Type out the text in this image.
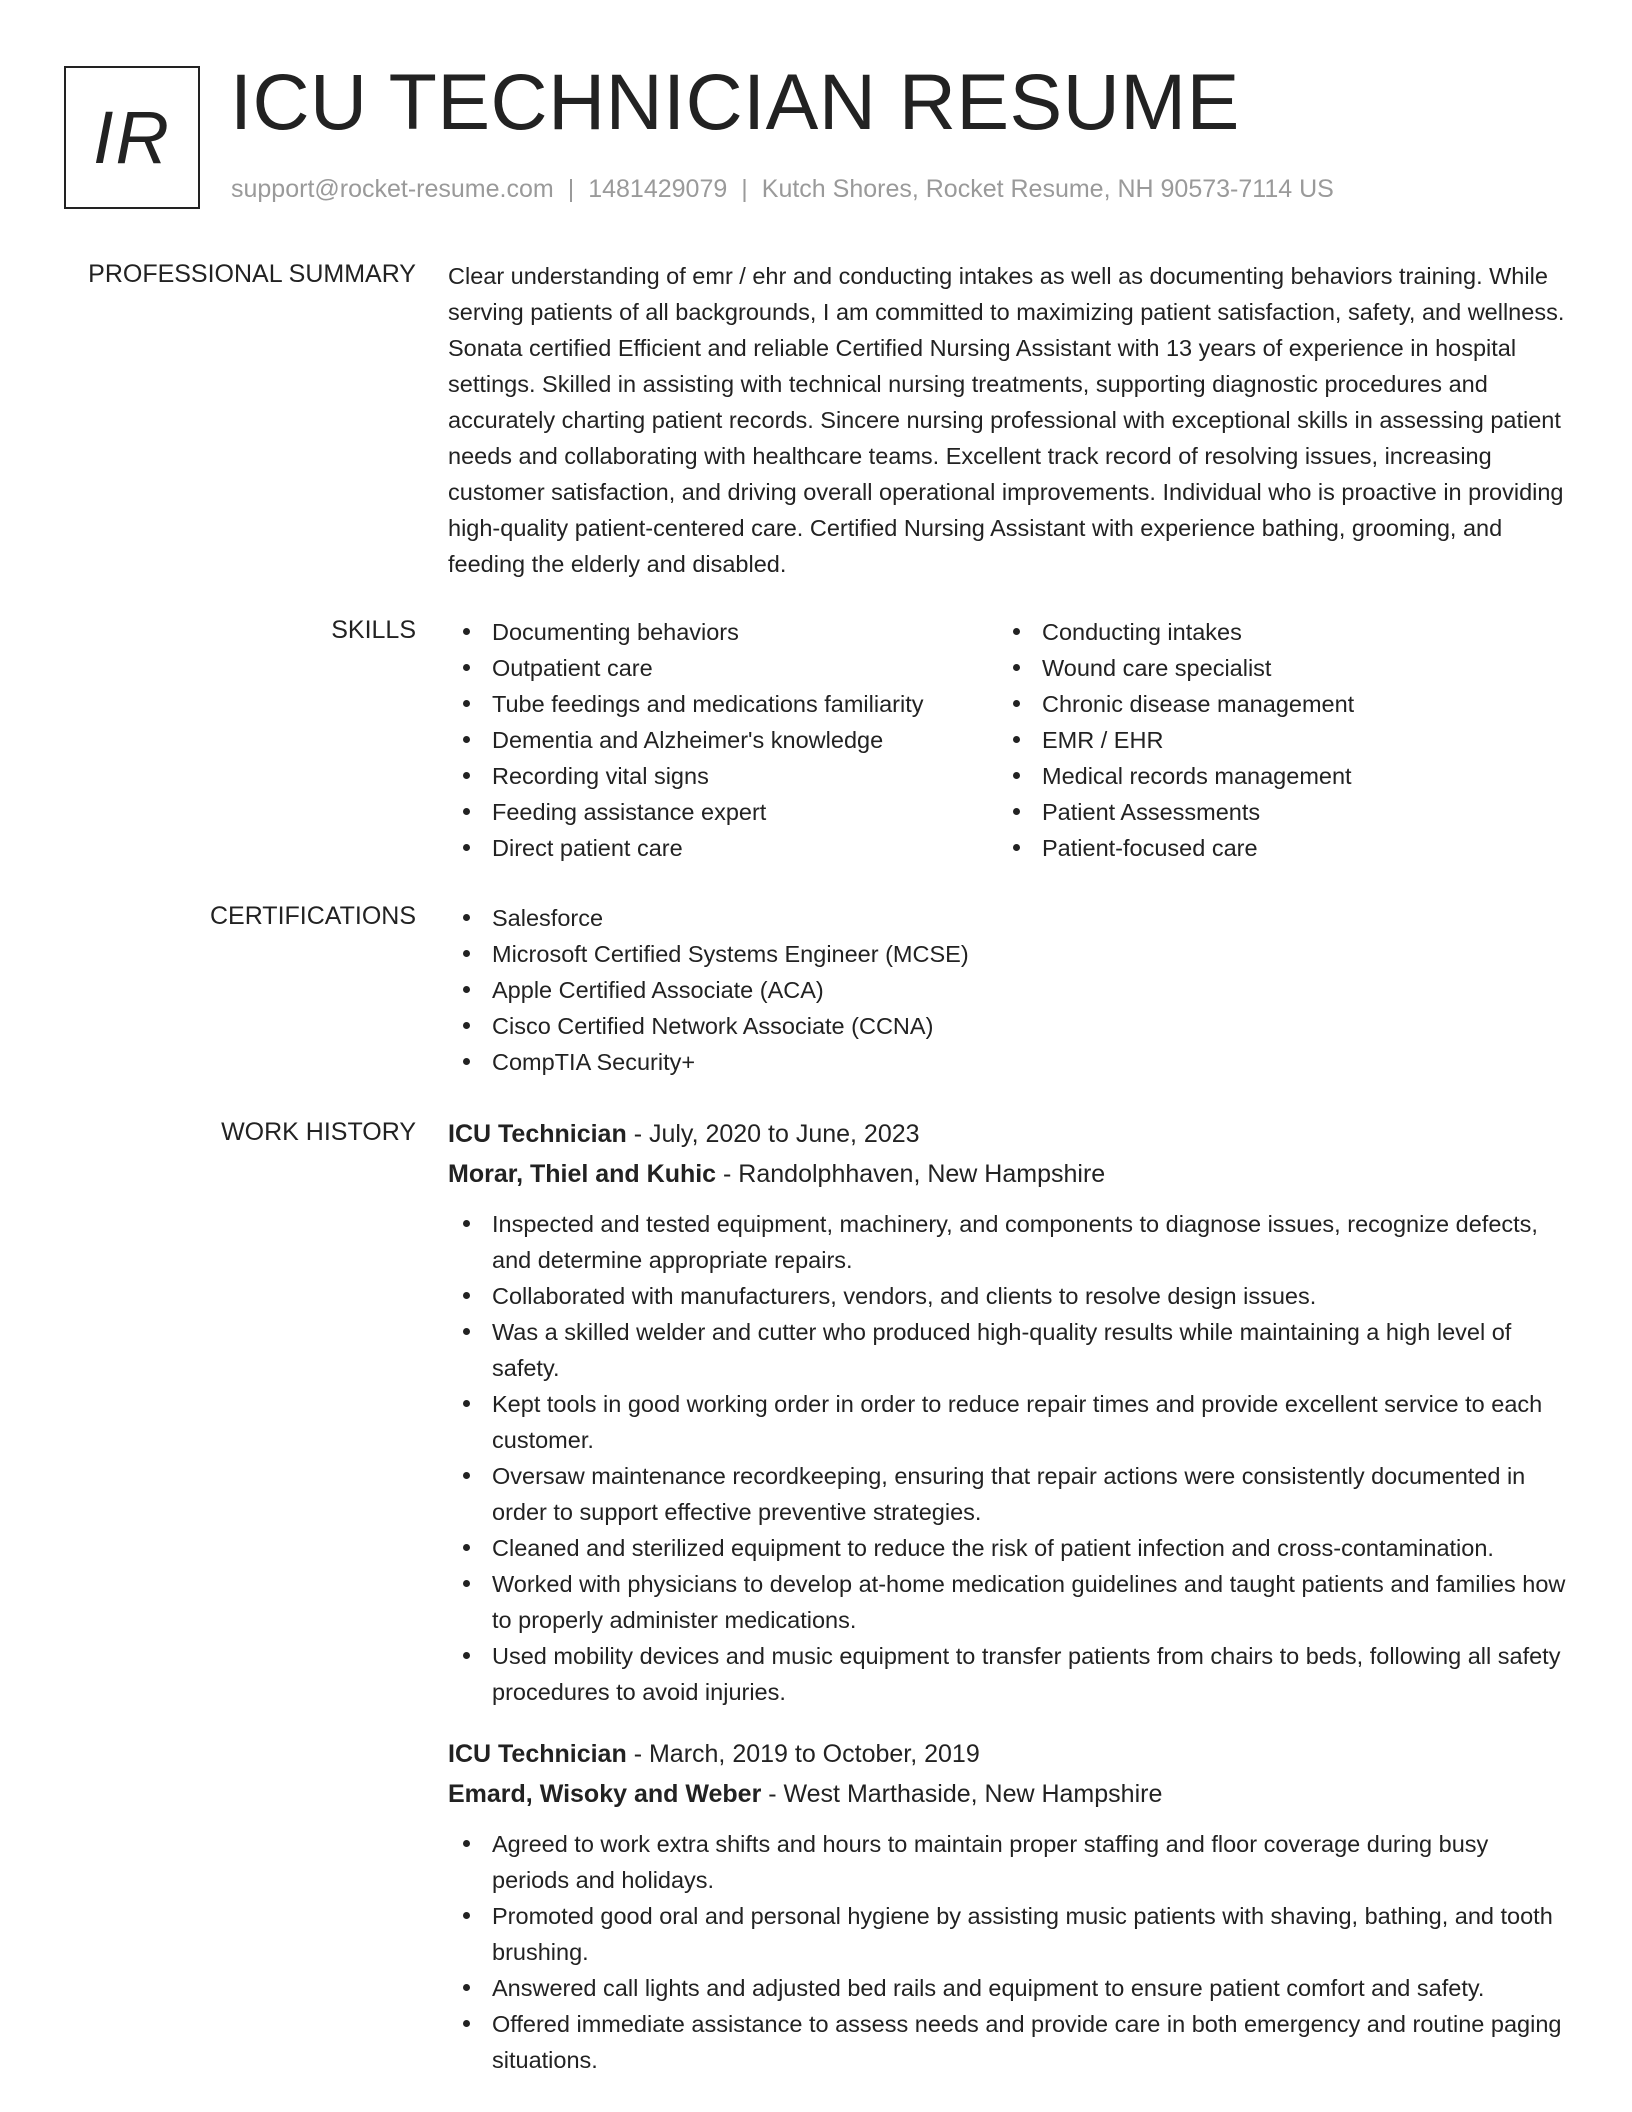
IR ICU TECHNICIAN RESUME
support@rocket-resume.com | 1481429079 | Kutch Shores, Rocket Resume, NH 90573-7114 US
PROFESSIONAL SUMMARY Clear understanding of emr / ehr and conducting intakes as well as documenting behaviors training. While serving patients of all backgrounds, I am committed to maximizing patient satisfaction, safety, and wellness. Sonata certified Efficient and reliable Certified Nursing Assistant with 13 years of experience in hospital settings. Skilled in assisting with technical nursing treatments, supporting diagnostic procedures and accurately charting patient records. Sincere nursing professional with exceptional skills in assessing patient needs and collaborating with healthcare teams. Excellent track record of resolving issues, increasing customer satisfaction, and driving overall operational improvements. Individual who is proactive in providing high-quality patient-centered care. Certified Nursing Assistant with experience bathing, grooming, and feeding the elderly and disabled.
SKILLS	Documenting behaviors
Outpatient care
Tube feedings and medications familiarity
Dementia and Alzheimer's knowledge
Recording vital signs
Feeding assistance expert
Direct patient care
Conducting intakes
Wound care specialist
Chronic disease management
EMR / EHR
Medical records management
Patient Assessments
Patient-focused care
CERTIFICATIONS	Salesforce
Microsoft Certified Systems Engineer (MCSE)
Apple Certified Associate (ACA)
Cisco Certified Network Associate (CCNA)
CompTIA Security+
WORK HISTORY ICU Technician - July, 2020 to June, 2023
Morar, Thiel and Kuhic - Randolphhaven, New Hampshire
Inspected and tested equipment, machinery, and components to diagnose issues, recognize defects, and determine appropriate repairs.
Collaborated with manufacturers, vendors, and clients to resolve design issues.
Was a skilled welder and cutter who produced high-quality results while maintaining a high level of safety.
Kept tools in good working order in order to reduce repair times and provide excellent service to each customer.
Oversaw maintenance recordkeeping, ensuring that repair actions were consistently documented in order to support effective preventive strategies.
Cleaned and sterilized equipment to reduce the risk of patient infection and cross-contamination.
Worked with physicians to develop at-home medication guidelines and taught patients and families how to properly administer medications.
Used mobility devices and music equipment to transfer patients from chairs to beds, following all safety procedures to avoid injuries.
ICU Technician - March, 2019 to October, 2019
Emard, Wisoky and Weber - West Marthaside, New Hampshire
Agreed to work extra shifts and hours to maintain proper staffing and floor coverage during busy periods and holidays.
Promoted good oral and personal hygiene by assisting music patients with shaving, bathing, and tooth brushing.
Answered call lights and adjusted bed rails and equipment to ensure patient comfort and safety.
Offered immediate assistance to assess needs and provide care in both emergency and routine paging situations.
